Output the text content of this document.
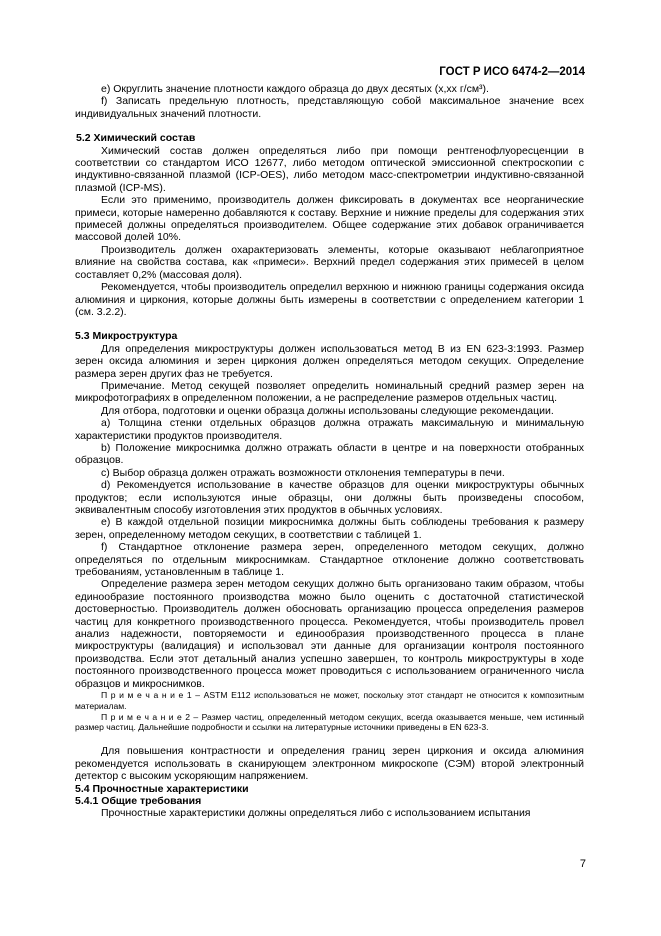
ГОСТ Р ИСО 6474-2—2014

е) Округлить значение плотности каждого образца до двух десятых (x,xx г/см³).

f) Записать предельную плотность, представляющую собой максимальное значение всех индивидуальных значений плотности.

5.2 Химический состав

Химический состав должен определяться либо при помощи рентгенофлуоресценции в соответствии со стандартом ИСО 12677, либо методом оптической эмиссионной спектроскопии с индуктивно-связанной плазмой (ICP-OES), либо методом масс-спектрометрии индуктивно-связанной плазмой (ICP-MS).

Если это применимо, производитель должен фиксировать в документах все неорганические примеси, которые намеренно добавляются к составу. Верхние и нижние пределы для содержания этих примесей должны определяться производителем. Общее содержание этих добавок ограничивается массовой долей 10%.

Производитель должен охарактеризовать элементы, которые оказывают неблагоприятное влияние на свойства состава, как «примеси». Верхний предел содержания этих примесей в целом составляет 0,2% (массовая доля).

Рекомендуется, чтобы производитель определил верхнюю и нижнюю границы содержания оксида алюминия и циркония, которые должны быть измерены в соответствии с определением категории 1 (см. 3.2.2).

5.3 Микроструктура

Для определения микроструктуры должен использоваться метод В из EN 623-3:1993. Размер зерен оксида алюминия и зерен циркония должен определяться методом секущих. Определение размера зерен других фаз не требуется.

Примечание. Метод секущей позволяет определить номинальный средний размер зерен на микрофотографиях в определенном положении, а не распределение размеров отдельных частиц.

Для отбора, подготовки и оценки образца должны использованы следующие рекомендации.

а) Толщина стенки отдельных образцов должна отражать максимальную и минимальную характеристики продуктов производителя.

b) Положение микроснимка должно отражать области в центре и на поверхности отобранных образцов.

с) Выбор образца должен отражать возможности отклонения температуры в печи.

d) Рекомендуется использование в качестве образцов для оценки микроструктуры обычных продуктов; если используются иные образцы, они должны быть произведены способом, эквивалентным способу изготовления этих продуктов в обычных условиях.

е) В каждой отдельной позиции микроснимка должны быть соблюдены требования к размеру зерен, определенному методом секущих, в соответствии с таблицей 1.

f) Стандартное отклонение размера зерен, определенного методом секущих, должно определяться по отдельным микроснимкам. Стандартное отклонение должно соответствовать требованиям, установленным в таблице 1.

Определение размера зерен методом секущих должно быть организовано таким образом, чтобы единообразие постоянного производства можно было оценить с достаточной статистической достоверностью. Производитель должен обосновать организацию процесса определения размеров частиц для конкретного производственного процесса. Рекомендуется, чтобы производитель провел анализ надежности, повторяемости и единообразия производственного процесса в плане микроструктуры (валидация) и использовал эти данные для организации контроля постоянного производства. Если этот детальный анализ успешно завершен, то контроль микроструктуры в ходе постоянного производственного процесса может проводиться с использованием ограниченного числа образцов и микроснимков.

П р и м е ч а н и е 1 – ASTM E112 использоваться не может, поскольку этот стандарт не относится к композитным материалам.

П р и м е ч а н и е 2 – Размер частиц, определенный методом секущих, всегда оказывается меньше, чем истинный размер частиц. Дальнейшие подробности и ссылки на литературные источники приведены в EN 623-3.

Для повышения контрастности и определения границ зерен циркония и оксида алюминия рекомендуется использовать в сканирующем электронном микроскопе (СЭМ) второй электронный детектор с высоким ускоряющим напряжением.

5.4 Прочностные характеристики

5.4.1 Общие требования

Прочностные характеристики должны определяться либо с использованием испытания

7
